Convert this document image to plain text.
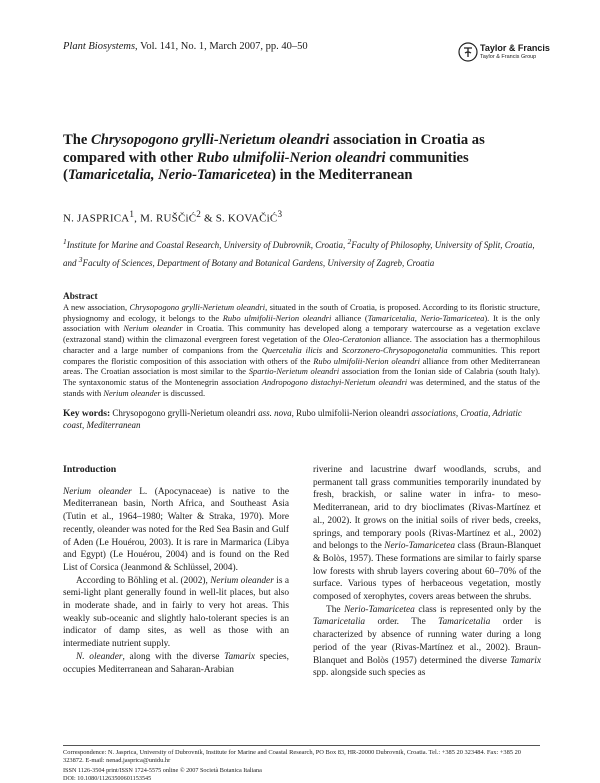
Plant Biosystems, Vol. 141, No. 1, March 2007, pp. 40–50	Taylor & Francis
Taylor & Francis Group
The Chrysopogono grylli-Nerietum oleandri association in Croatia as compared with other Rubo ulmifolii-Nerion oleandri communities (Tamaricetalia, Nerio-Tamaricetea) in the Mediterranean
N. JASPRICA$^1$, M. RUŠČiĆ$^2$ & S. KOVAČiĆ$^3$
$^1$Institute for Marine and Coastal Research, University of Dubrovnik, Croatia, $^2$Faculty of Philosophy, University of Split, Croatia, and $^3$Faculty of Sciences, Department of Botany and Botanical Gardens, University of Zagreb, Croatia
Abstract
A new association, Chrysopogono grylli-Nerietum oleandri, situated in the south of Croatia, is proposed. According to its floristic structure, physiognomy and ecology, it belongs to the Rubo ulmifolii-Nerion oleandri alliance (Tamaricetalia, Nerio-Tamaricetea). It is the only association with Nerium oleander in Croatia. This community has developed along a temporary watercourse as a vegetation exclave (extrazonal stand) within the climazonal evergreen forest vegetation of the Oleo-Ceratonion alliance. The association has a thermophilous character and a large number of companions from the Quercetalia ilicis and Scorzonero-Chrysopogonetalia communities. This report compares the floristic composition of this association with others of the Rubo ulmifolii-Nerion oleandri alliance from other Mediterranean areas. The Croatian association is most similar to the Spartio-Nerietum oleandri association from the Ionian side of Calabria (south Italy). The syntaxonomic status of the Montenegrin association Andropogono distachyi-Nerietum oleandri was determined, and the status of the stands with Nerium oleander is discussed.
Key words: Chrysopogono grylli-Nerietum oleandri ass. nova, Rubo ulmifolii-Nerion oleandri associations, Croatia, Adriatic coast, Mediterranean
Introduction

Nerium oleander L. (Apocynaceae) is native to the Mediterranean basin, North Africa, and Southeast Asia (Tutin et al., 1964–1980; Walter & Straka, 1970). More recently, oleander was noted for the Red Sea Basin and Gulf of Aden (Le Houérou, 2003). It is rare in Marmarica (Libya and Egypt) (Le Houérou, 2004) and is found on the Red List of Corsica (Jeanmond & Schlüssel, 2004).

According to Böhling et al. (2002), Nerium oleander is a semi-light plant generally found in well-lit places, but also in moderate shade, and in fairly to very hot areas. This weakly sub-oceanic and slightly halo-tolerant species is an indicator of damp sites, as well as those with an intermediate nutrient supply.

N. oleander, along with the diverse Tamarix species, occupies Mediterranean and Saharan-Arabian

riverine and lacustrine dwarf woodlands, scrubs, and permanent tall grass communities temporarily inundated by fresh, brackish, or saline water in infra- to meso-Mediterranean, arid to dry bioclimates (Rivas-Martínez et al., 2002). It grows on the initial soils of river beds, creeks, springs, and temporary pools (Rivas-Martínez et al., 2002) and belongs to the Nerio-Tamaricetea class (Braun-Blanquet & Bolòs, 1957). These formations are similar to fairly sparse low forests with shrub layers covering about 60–70% of the surface. Various types of herbaceous vegetation, mostly composed of xerophytes, covers areas between the shrubs.

The Nerio-Tamaricetea class is represented only by the Tamaricetalia order. The Tamaricetalia order is characterized by absence of running water during a long period of the year (Rivas-Martínez et al., 2002). Braun-Blanquet and Bolòs (1957) determined the diverse Tamarix spp. alongside such species as

Correspondence: N. Jasprica, University of Dubrovnik, Institute for Marine and Coastal Research, PO Box 83, HR-20000 Dubrovnik, Croatia. Tel.: +385 20 323484. Fax: +385 20 323872. E-mail: nenad.jasprica@unidu.hr
ISSN 1126-3504 print/ISSN 1724-5575 online © 2007 Società Botanica Italiana
DOI: 10.1080/11263500601153545
